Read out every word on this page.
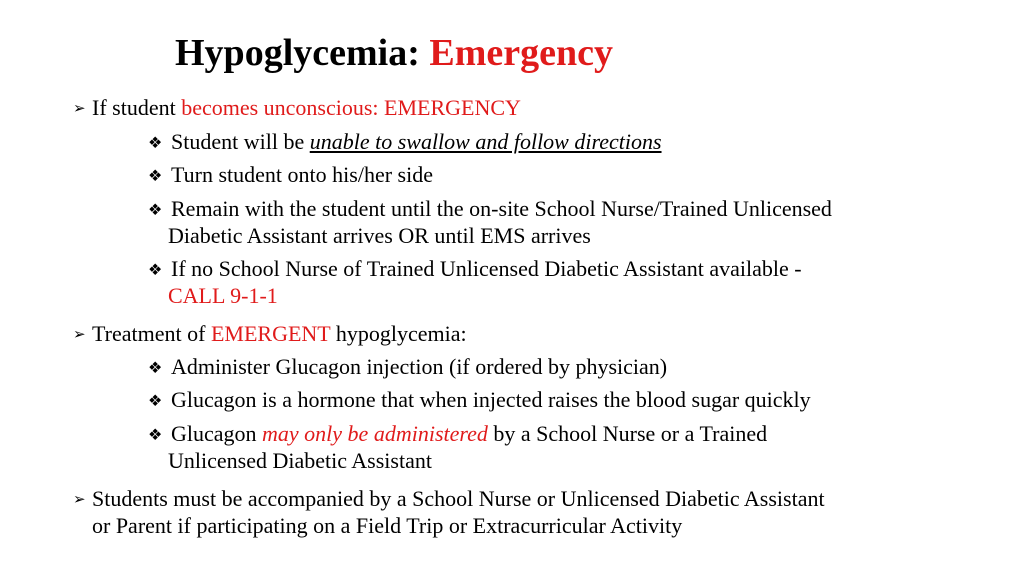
Hypoglycemia: Emergency
➢ If student becomes unconscious: EMERGENCY
❖ Student will be unable to swallow and follow directions
❖ Turn student onto his/her side
❖ Remain with the student until the on-site School Nurse/Trained Unlicensed
Diabetic Assistant arrives OR until EMS arrives
❖ If no School Nurse of Trained Unlicensed Diabetic Assistant available -
CALL 9-1-1
➢ Treatment of EMERGENT hypoglycemia:
❖ Administer Glucagon injection (if ordered by physician)
❖ Glucagon is a hormone that when injected raises the blood sugar quickly
❖ Glucagon may only be administered by a School Nurse or a Trained
Unlicensed Diabetic Assistant
➢ Students must be accompanied by a School Nurse or Unlicensed Diabetic Assistant
or Parent if participating on a Field Trip or Extracurricular Activity
